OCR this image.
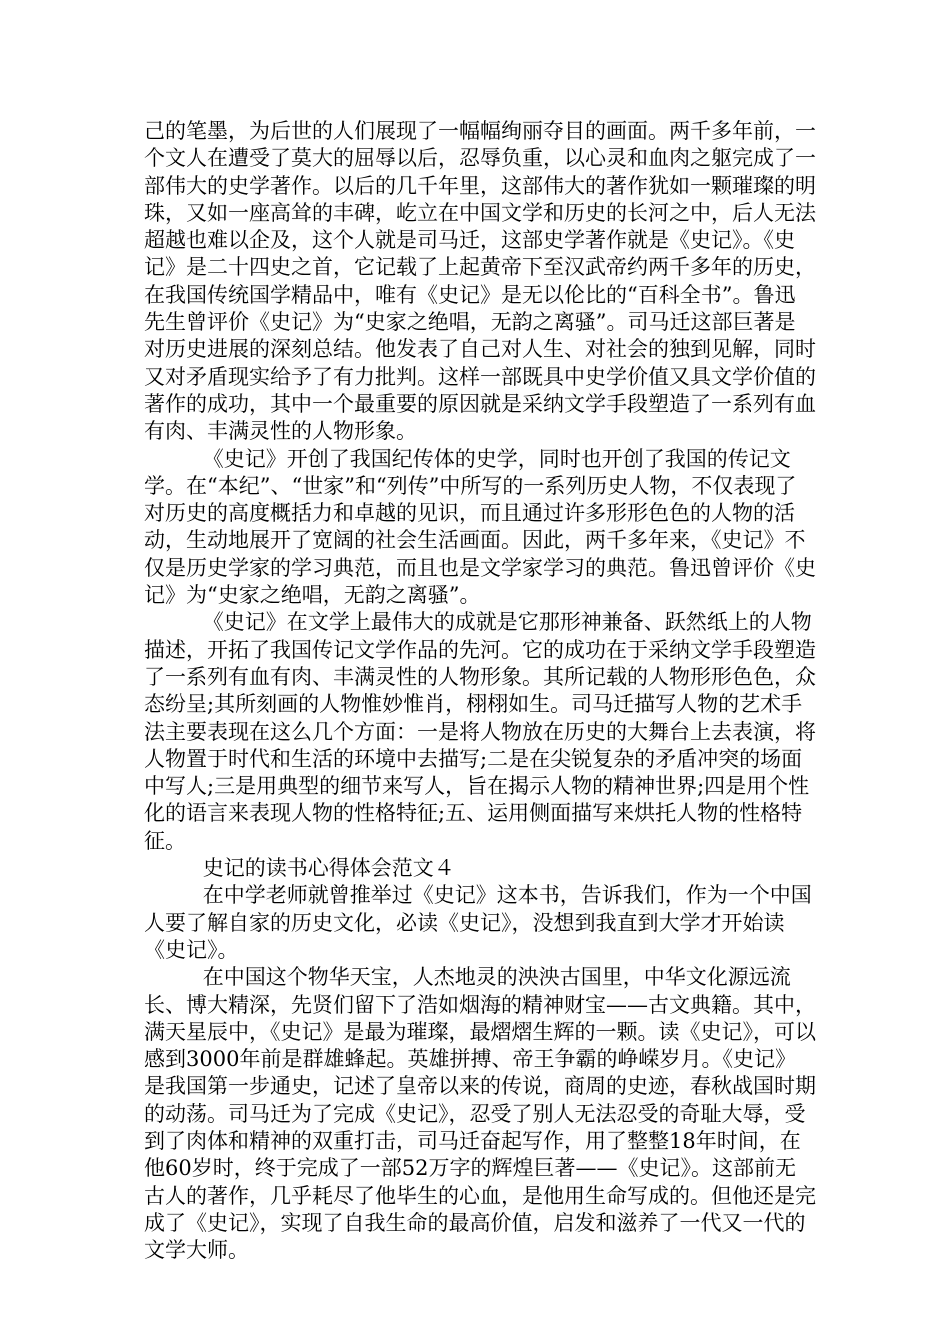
己的笔墨，为后世的人们展现了一幅幅绚丽夺目的画面。两千多年前，一个文人在遭受了莫大的屈辱以后，忍辱负重，以心灵和血肉之躯完成了一部伟大的史学著作。以后的几千年里，这部伟大的著作犹如一颗璀璨的明珠，又如一座高耸的丰碑，屹立在中国文学和历史的长河之中，后人无法超越也难以企及，这个人就是司马迁，这部史学著作就是《史记》。《史记》是二十四史之首，它记载了上起黄帝下至汉武帝约两千多年的历史，在我国传统国学精品中，唯有《史记》是无以伦比的“百科全书”。鲁迅先生曾评价《史记》为“史家之绝唱，无韵之离骚”。司马迁这部巨著是对历史进展的深刻总结。他发表了自己对人生、对社会的独到见解，同时又对矛盾现实给予了有力批判。这样一部既具中史学价值又具文学价值的著作的成功，其中一个最重要的原因就是采纳文学手段塑造了一系列有血有肉、丰满灵性的人物形象。

《史记》开创了我国纪传体的史学，同时也开创了我国的传记文学。在“本纪”、“世家”和“列传”中所写的一系列历史人物，不仅表现了对历史的高度概括力和卓越的见识，而且通过许多形形色色的人物的活动，生动地展开了宽阔的社会生活画面。因此，两千多年来，《史记》不仅是历史学家的学习典范，而且也是文学家学习的典范。鲁迅曾评价《史记》为“史家之绝唱，无韵之离骚”。

《史记》在文学上最伟大的成就是它那形神兼备、跃然纸上的人物描述，开拓了我国传记文学作品的先河。它的成功在于采纳文学手段塑造了一系列有血有肉、丰满灵性的人物形象。其所记载的人物形形色色，众态纷呈;其所刻画的人物惟妙惟肖，栩栩如生。司马迁描写人物的艺术手法主要表现在这么几个方面：一是将人物放在历史的大舞台上去表演，将人物置于时代和生活的环境中去描写;二是在尖锐复杂的矛盾冲突的场面中写人;三是用典型的细节来写人，旨在揭示人物的精神世界;四是用个性化的语言来表现人物的性格特征;五、运用侧面描写来烘托人物的性格特征。

史记的读书心得体会范文４

在中学老师就曾推举过《史记》这本书，告诉我们，作为一个中国人要了解自家的历史文化，必读《史记》，没想到我直到大学才开始读《史记》。

在中国这个物华天宝，人杰地灵的泱泱古国里，中华文化源远流长、博大精深，先贤们留下了浩如烟海的精神财宝——古文典籍。其中，满天星辰中，《史记》是最为璀璨，最熠熠生辉的一颗。读《史记》，可以感到3000年前是群雄蜂起。英雄拼搏、帝王争霸的峥嵘岁月。《史记》是我国第一步通史，记述了皇帝以来的传说，商周的史迹，春秋战国时期的动荡。司马迁为了完成《史记》，忍受了别人无法忍受的奇耻大辱，受到了肉体和精神的双重打击，司马迁奋起写作，用了整整18年时间，在他60岁时，终于完成了一部52万字的辉煌巨著——《史记》。这部前无古人的著作，几乎耗尽了他毕生的心血，是他用生命写成的。但他还是完成了《史记》，实现了自我生命的最高价值，启发和滋养了一代又一代的文学大师。
